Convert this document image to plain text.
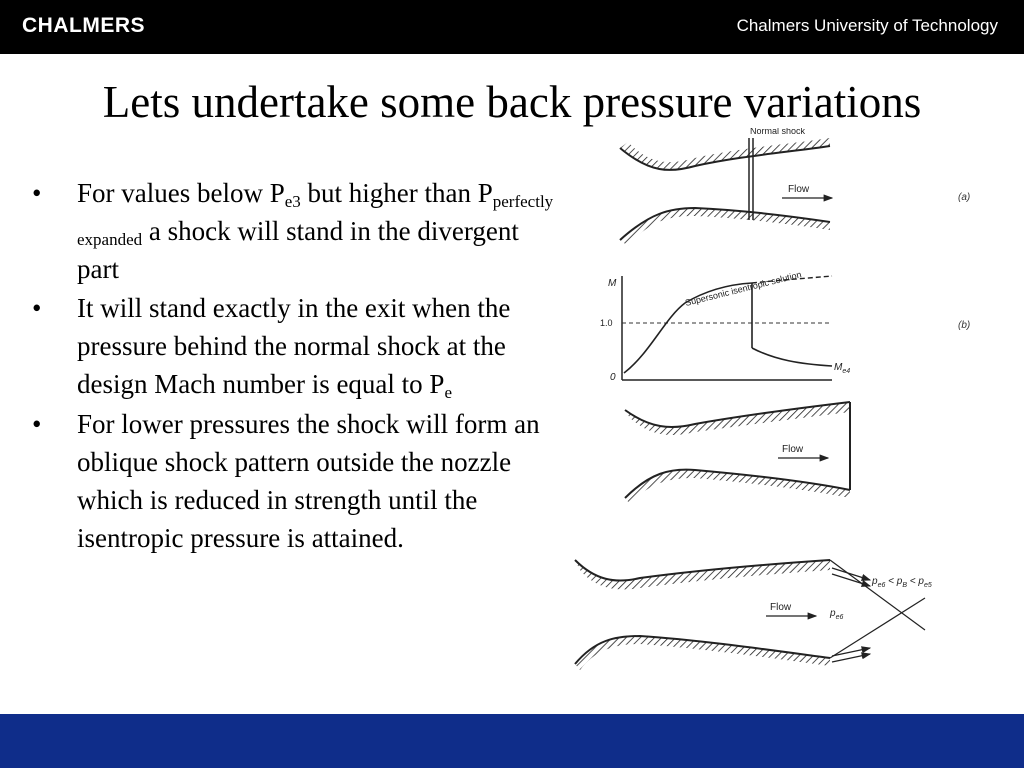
CHALMERS	Chalmers University of Technology
Lets undertake some back pressure variations
• For values below $P_{e3}$ but higher than $P_{perfectly expanded}$ a shock will stand in the divergent part
• It will stand exactly in the exit when the pressure behind the normal shock at the design Mach number is equal to $P_e$
• For lower pressures the shock will form an oblique shock pattern outside the nozzle which is reduced in strength until the isentropic pressure is attained.
Normal shock
Flow
(a)
M
1.0
0
Supersonic isentropic solution
$M_{e4}$
(b)
Flow
Flow
$p_{e6} < p_B < p_{e5}$
$p_{e6}$
